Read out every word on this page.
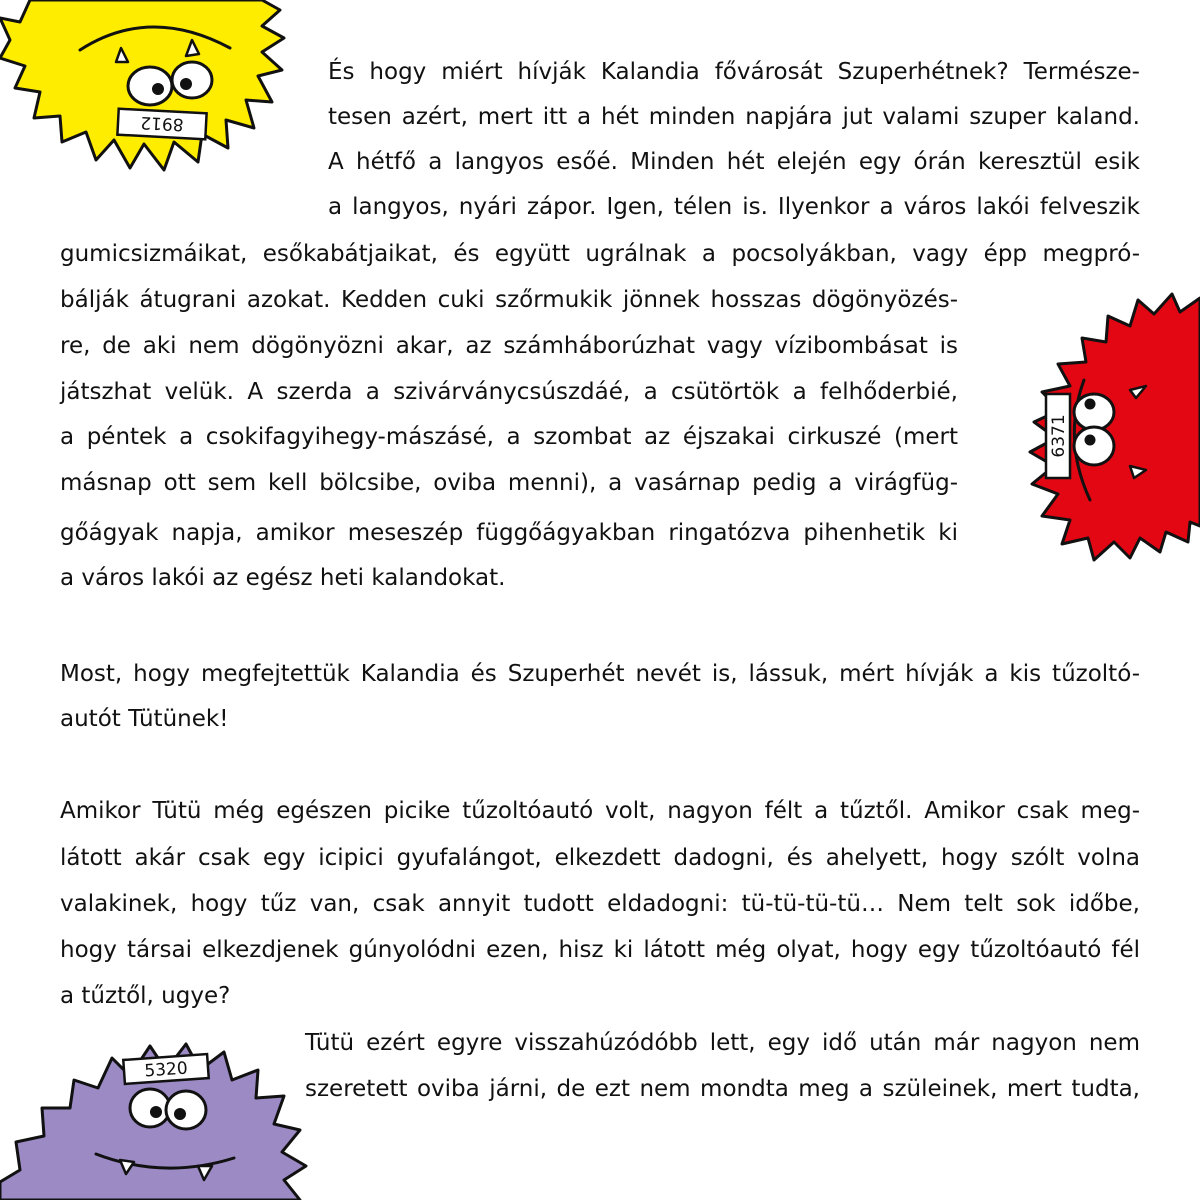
8912
6371
5320

És hogy miért hívják Kalandia fővárosát Szuperhétnek? Természe-

tesen azért, mert itt a hét minden napjára jut valami szuper kaland.

A hétfő a langyos esőé. Minden hét elején egy órán keresztül esik

a langyos, nyári zápor. Igen, télen is. Ilyenkor a város lakói felveszik

gumicsizmáikat, esőkabátjaikat, és együtt ugrálnak a pocsolyákban, vagy épp megpró-

bálják átugrani azokat. Kedden cuki szőrmukik jönnek hosszas dögönyözés-

re, de aki nem dögönyözni akar, az számháborúzhat vagy vízibombásat is

játszhat velük. A szerda a szivárványcsúszdáé, a csütörtök a felhőderbié,

a péntek a csokifagyihegy-mászásé, a szombat az éjszakai cirkuszé (mert

másnap ott sem kell bölcsibe, oviba menni), a vasárnap pedig a virágfüg-

gőágyak napja, amikor meseszép függőágyakban ringatózva pihenhetik ki

a város lakói az egész heti kalandokat.

Most, hogy megfejtettük Kalandia és Szuperhét nevét is, lássuk, mért hívják a kis tűzoltó-

autót Tütünek!

Amikor Tütü még egészen picike tűzoltóautó volt, nagyon félt a tűztől. Amikor csak meg-

látott akár csak egy icipici gyufalángot, elkezdett dadogni, és ahelyett, hogy szólt volna

valakinek, hogy tűz van, csak annyit tudott eldadogni: tü-tü-tü-tü… Nem telt sok időbe,

hogy társai elkezdjenek gúnyolódni ezen, hisz ki látott még olyat, hogy egy tűzoltóautó fél

a tűztől, ugye?

Tütü ezért egyre visszahúzódóbb lett, egy idő után már nagyon nem

szeretett oviba járni, de ezt nem mondta meg a szüleinek, mert tudta,
